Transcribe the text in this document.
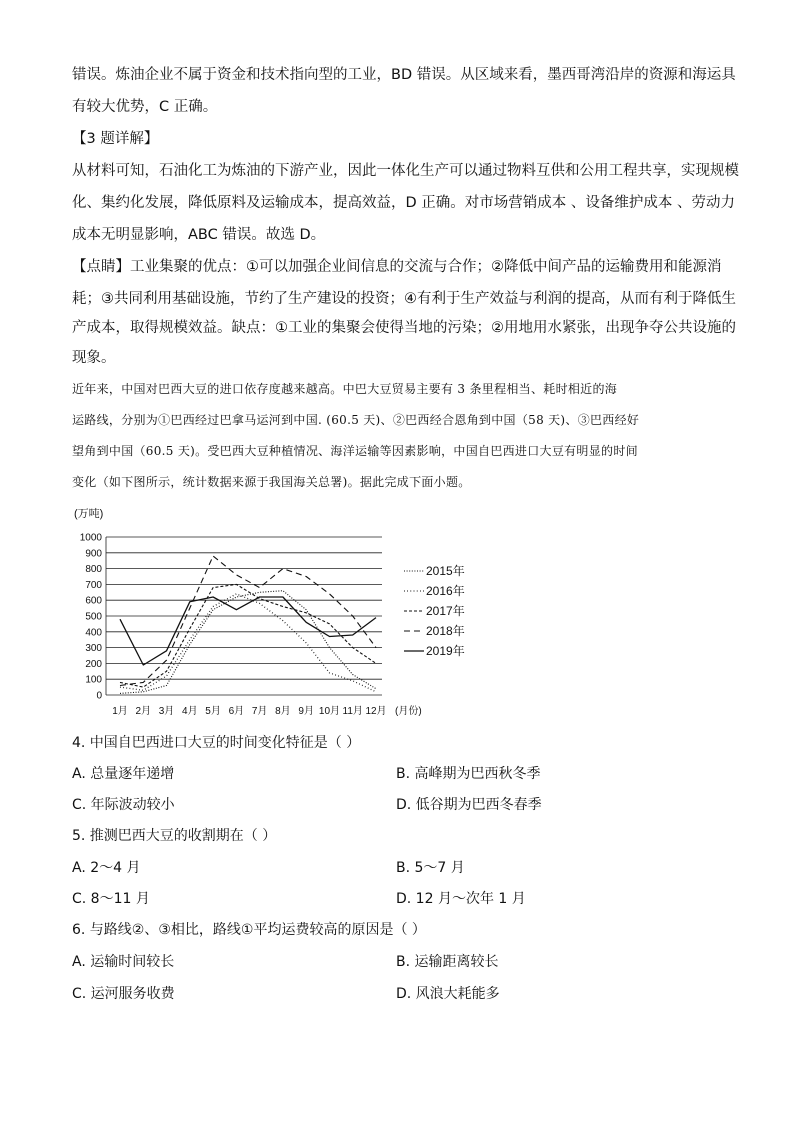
错误。炼油企业不属于资金和技术指向型的工业，BD 错误。从区域来看，墨西哥湾沿岸的资源和海运具
有较大优势，C 正确。
【3 题详解】
从材料可知，石油化工为炼油的下游产业，因此一体化生产可以通过物料互供和公用工程共享，实现规模
化、集约化发展，降低原料及运输成本，提高效益，D 正确。对市场营销成本 、设备维护成本 、劳动力
成本无明显影响，ABC 错误。故选 D。
【点睛】工业集聚的优点：①可以加强企业间信息的交流与合作；②降低中间产品的运输费用和能源消
耗；③共同利用基础设施，节约了生产建设的投资；④有利于生产效益与利润的提高，从而有利于降低生
产成本，取得规模效益。缺点：①工业的集聚会使得当地的污染；②用地用水紧张，出现争夺公共设施的
现象。
近年来，中国对巴西大豆的进口依存度越来越高。中巴大豆贸易主要有 3 条里程相当、耗时相近的海
运路线，分别为①巴西经过巴拿马运河到中国. (60.5 天)、②巴西经合恩角到中国（58 天)、③巴西经好
望角到中国（60.5 天)。受巴西大豆种植情况、海洋运输等因素影响，中国自巴西进口大豆有明显的时间
变化（如下图所示，统计数据来源于我国海关总署)。据此完成下面小题。
1000
900
800
700
600
500
400
300
200
100
0
1月 2月 3月 4月 5月 6月 7月 8月 9月 10月 11月 12月
2015年
2016年
2017年
2018年
2019年
(万吨)
(月份)
4. 中国自巴西进口大豆的时间变化特征是（ ）
A. 总量逐年递增	B. 高峰期为巴西秋冬季
C. 年际波动较小	D. 低谷期为巴西冬春季
5. 推测巴西大豆的收割期在（ ）
A. 2～4 月	B. 5～7 月
C. 8～11 月	D. 12 月～次年 1 月
6. 与路线②、③相比，路线①平均运费较高的原因是（ ）
A. 运输时间较长	B. 运输距离较长
C. 运河服务收费	D. 风浪大耗能多
